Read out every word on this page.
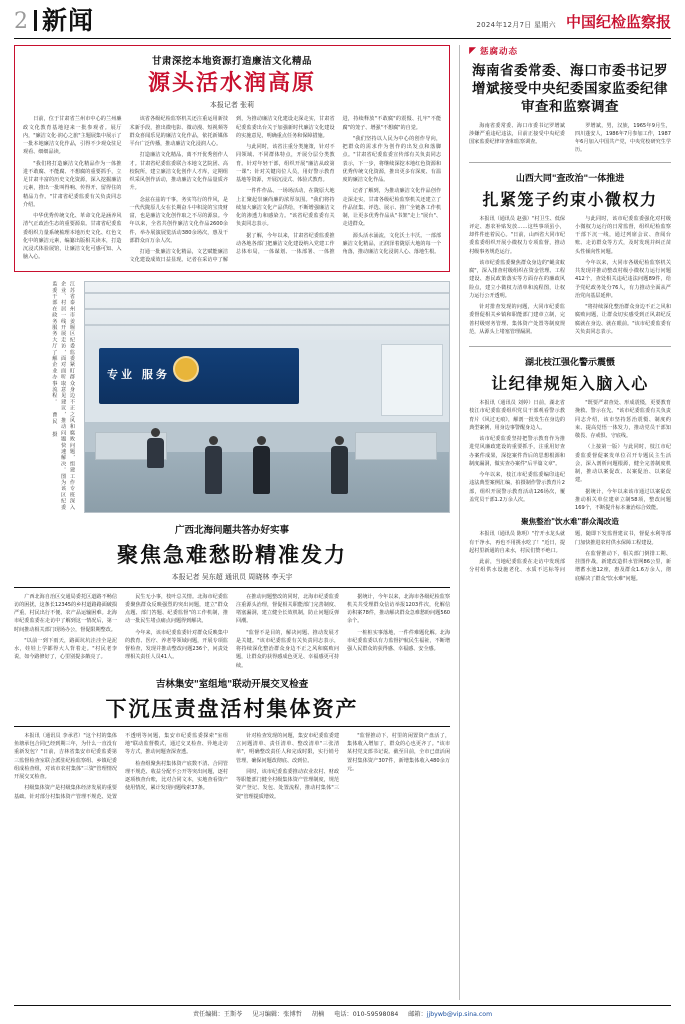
2 新闻	2024年12月7日 星期六 中国纪检监察报
甘肃深挖本地资源打造廉洁文化精品
源头活水润高原
本报记者 张莉

日前，位于甘肃省兰州市中心的兰州廉政文化教育基地迎来一批参观者。展厅内，"廉洁文化·润心之旅"主题展集中展示了一批本地廉洁文化作品，引得不少观众驻足观看、细细品读。

"我们将打造廉洁文化精品作为一体推进不敢腐、不能腐、不想腐的重要抓手，立足甘肃丰富的历史文化资源，深入挖掘廉洁元素，推出一批叫得响、传得开、留得住的精品力作。"甘肃省纪委监委有关负责同志介绍。

中华优秀传统文化、革命文化是涵养风清气正政治生态的重要源泉。甘肃省纪委监委组织力量系统梳理本地历史文化、红色文化中的廉洁元素，编纂出版相关读本，打造沉浸式体验展馆，让廉洁文化可感可知、入脑入心。

该省各级纪检监察机关还注重运用新技术新手段，推出微电影、微动漫、短视频等群众喜闻乐见的廉洁文化作品，依托新媒体平台广泛传播，推动廉洁文化浸润人心。

打造廉洁文化精品，离不开优秀创作人才。甘肃省纪委监委联合本地文艺院团、高校院所，建立廉洁文化创作人才库，定期组织采风创作活动，推动廉洁文化作品量质齐升。

念兹在兹的干事，务实笃行的作风，是一代代陇原儿女在长期奋斗中积淀的宝贵财富，也是廉洁文化创作取之不尽的源泉。今年以来，全省共创作廉洁文化作品2600余件，举办展演展览活动380余场次，惠及干部群众百万余人次。

打通一批廉洁文化精品，文艺赋能廉洁文化建设成效日益显现。记者在采访中了解到，为推动廉洁文化建设走深走实，甘肃省纪委监委出台关于加强新时代廉洁文化建设的实施意见，明确重点任务和保障措施。

与此同时，该省注重分类施策，针对不同领域、不同群体特点，开展分层分类教育。针对年轻干部，组织开展"廉洁从政第一课"；针对关键岗位人员，用好警示教育基地等资源，开展沉浸式、体验式教育。

一件件作品、一场场活动，在陇原大地上汇聚起崇廉尚廉的浓厚氛围。"我们将持续加大廉洁文化产品供给，不断增强廉洁文化的渗透力和感染力。"该省纪委监委有关负责同志表示。

据了解，今年以来，甘肃省纪委监委推动各地各部门把廉洁文化建设纳入党建工作总体布局，一体谋划、一体部署、一体推进，持续释放"不敢腐"的震慑、扎牢"不能腐"的笼子、增强"不想腐"的自觉。

"我们坚持以人民为中心的创作导向，把群众的需求作为创作的出发点和落脚点。"甘肃省纪委监委宣传部有关负责同志表示，下一步，将继续深挖本地红色资源和优秀传统文化资源，推出更多有深度、有温度的廉洁文化作品。

记者了解到，为推动廉洁文化作品创作走深走实，甘肃各级纪检监察机关还建立了作品征集、评选、展示、推广全链条工作机制，让更多优秀作品从"书架"走上"展台"、走进群众。

源头活水涌流，文化沃土丰沃。一部部廉洁文化精品，正润泽着陇原大地的每一个角落，推动廉洁文化浸润人心、落地生根。

江苏省泰州市姜堰区纪委监委紧盯群众身边不正之风和腐败问题，组建工作专班深入企业、村居一线开展走访，面对面听取意见建议，推动问题快速解决。图为该区纪委监委干部在政务服务大厅了解企业办事流程。 曹民 摄	专业 服务
广西北海问题共答办好实事
聚焦急难愁盼精准发力
本报记者 吴东超 通讯员 周晓林 李天宇

广西北海自治区交通局委托区道路不畅信访的困扰，这条长12345的乡村道路路面破损严重，村民出行不便、农产品运输困难。北海市纪委监委在走访中了解到这一情况后，第一时间推动相关部门现场办公，督促限期整改。

"以前一到下雨天，路面坑坑洼洼全是泥水，娃娃上学都得大人背着走。"村民老李说，如今路修好了，心里别提多敞亮了。

民生无小事，枝叶总关情。北海市纪委监委聚焦群众反映强烈的突出问题，建立"群众点题、部门答题、纪委监督"的工作机制，推动一批民生堵点痛点问题得到解决。

今年来，该市纪委监委针对群众反映集中的教育、医疗、养老等领域问题，开展专项监督检查，发现并推动整改问题236个，问责处理相关责任人员41人。

在推动问题整改的同时，北海市纪委监委注重源头治理，督促相关职能部门完善制度、堵塞漏洞，建立健全长效机制，防止问题反弹回潮。

"监督不是目的，解决问题、推动发展才是关键。"该市纪委监委有关负责同志表示，将持续深化整治群众身边不正之风和腐败问题，让群众的获得感成色更足、幸福感更可持续。

据统计，今年以来，北海市各级纪检监察机关共受理群众信访举报1203件次，化解信访积案78件，推动解决群众急难愁盼问题560余个。

一桩桩实事落地，一件件难题化解。北海市纪委监委以有力监督护航民生福祉，不断增强人民群众的获得感、幸福感、安全感。

吉林集安"室组地"联动开展交叉检查
下沉压责盘活村集体资产

本报讯（通讯员 李承君）"这个村的集体鱼塘承包合同已经到期三年，为什么一直没有重新发包？"日前，吉林省集安市纪委监委第三监督检查室联合派驻纪检监察组、乡镇纪委组成检查组，对该市农村集体"三资"管理情况开展交叉检查。

村级集体资产是村级集体经济发展的重要基础。针对部分村集体资产管理不规范、处置不透明等问题，集安市纪委监委探索"室组地"联动监督模式，通过交叉检查、异地走访等方式，推动问题查深查透。

检查组聚焦村集体资产底数不清、合同管理不规范、收益分配不公开等突出问题，逐村逐项核查台账，比对合同文本，实地查看资产使用情况，累计发现问题线索37条。

针对检查发现的问题，集安市纪委监委建立问题清单、责任清单、整改清单"三张清单"，明确整改责任人和完成时限，实行销号管理，确保问题改彻底、改到位。

同时，该市纪委监委推动农业农村、财政等职能部门健全村级集体资产管理制度，规范资产登记、发包、处置流程，推动村集体"三资"管理提质增效。

"监督推动下，村里的闲置资产盘活了，集体收入增加了，群众的心也更齐了。"该市某村党支部书记说。截至目前，全市已盘活闲置村集体资产307件，新增集体收入480余万元。

◤ 惩腐动态
海南省委常委、海口市委书记罗增斌接受中央纪委国家监委纪律审查和监察调查

海南省委常委、海口市委书记罗增斌涉嫌严重违纪违法，目前正接受中央纪委国家监委纪律审查和监察调查。

罗增斌，男，汉族，1965年9月生，四川蓬安人，1986年7月参加工作，1987年6月加入中国共产党，中央党校研究生学历。

山西大同"查改治"一体推进
扎紧笼子约束小微权力

本报讯（通讯员 赵强）"村卫生、低保评定、惠农补贴发放……这些事项虽小，却件件连着民心。"日前，山西省大同市纪委监委组织开展小微权力专项监督，推动村级事务规范运行。

该市纪委监委聚焦群众身边的"蝇贪蚁腐"，深入排查村级组织在资金管理、工程建设、惠民政策落实等方面存在的廉政风险点，建立小微权力清单和流程图，让权力运行公开透明。

针对排查发现的问题，大同市纪委监委督促相关乡镇和职能部门建章立制，完善村级财务管理、集体资产处置等制度规范，从源头上堵塞管理漏洞。

与此同时，该市纪委监委强化对村级小微权力运行的日常监督，组织纪检监察干部下沉一线，通过列席会议、查阅台账、走访群众等方式，及时发现并纠正苗头性倾向性问题。

今年以来，大同市各级纪检监察机关共发现并推动整改村级小微权力运行问题412个，查处相关违纪违法问题89件，给予党纪政务处分76人，有力推动全面从严治党向基层延伸。

"将持续深化整治群众身边不正之风和腐败问题，让群众切实感受到正风肃纪反腐就在身边、就在眼前。"该市纪委监委有关负责同志表示。

湖北枝江强化警示震慑
让纪律规矩入脑入心

本报讯（通讯员 刘婷）日前，湖北省枝江市纪委监委组织党员干部观看警示教育片《风过无痕》，解剖一批发生在身边的典型案例，用身边事警醒身边人。

该市纪委监委坚持把警示教育作为推进党风廉政建设的重要抓手，注重用好查办案件成果，深挖案件背后的思想根源和制度漏洞，做实查办案件"后半篇文章"。

今年以来，枝江市纪委监委编印违纪违法典型案例汇编，拍摄制作警示教育片2部，组织开展警示教育活动126场次，覆盖党员干部1.2万余人次。

"既要严肃查处、形成震慑，更要教育挽救、警示在先。"该市纪委监委有关负责同志介绍，该市坚持惩治震慑、制度约束、提高觉悟一体发力，推动党员干部知敬畏、存戒惧、守底线。

（上接第一版）与此同时，枝江市纪委监委督促案发单位召开专题民主生活会，深入剖析问题根源，健全完善制度机制，推动以案促改、以案促治、以案促建。

据统计，今年以来该市通过以案促改推动相关单位建章立制58项，整改问题169个，不断提升标本兼治综合效能。

聚焦整治"饮水难"群众渴改造

本报讯（通讯员 陈明）"拧开水龙头就有干净水，再也不用挑水吃了！"近日，提起村里新通的自来水，村民们赞不绝口。

此前，当地纪委监委在走访中发现部分村组供水设施老化、水质不达标等问题，随即下发监督建议书，督促水利等部门加快推进农村供水保障工程建设。

在监督推动下，相关部门倒排工期、挂图作战，新建改造供水管网86公里，新增蓄水池12座，惠及群众1.6万余人，彻底解决了群众"饮水难"问题。

责任编辑：王斯苓 见习编辑：张博哲 胡楠 电话：010-59598084 邮箱：jjbywb@vip.sina.com
